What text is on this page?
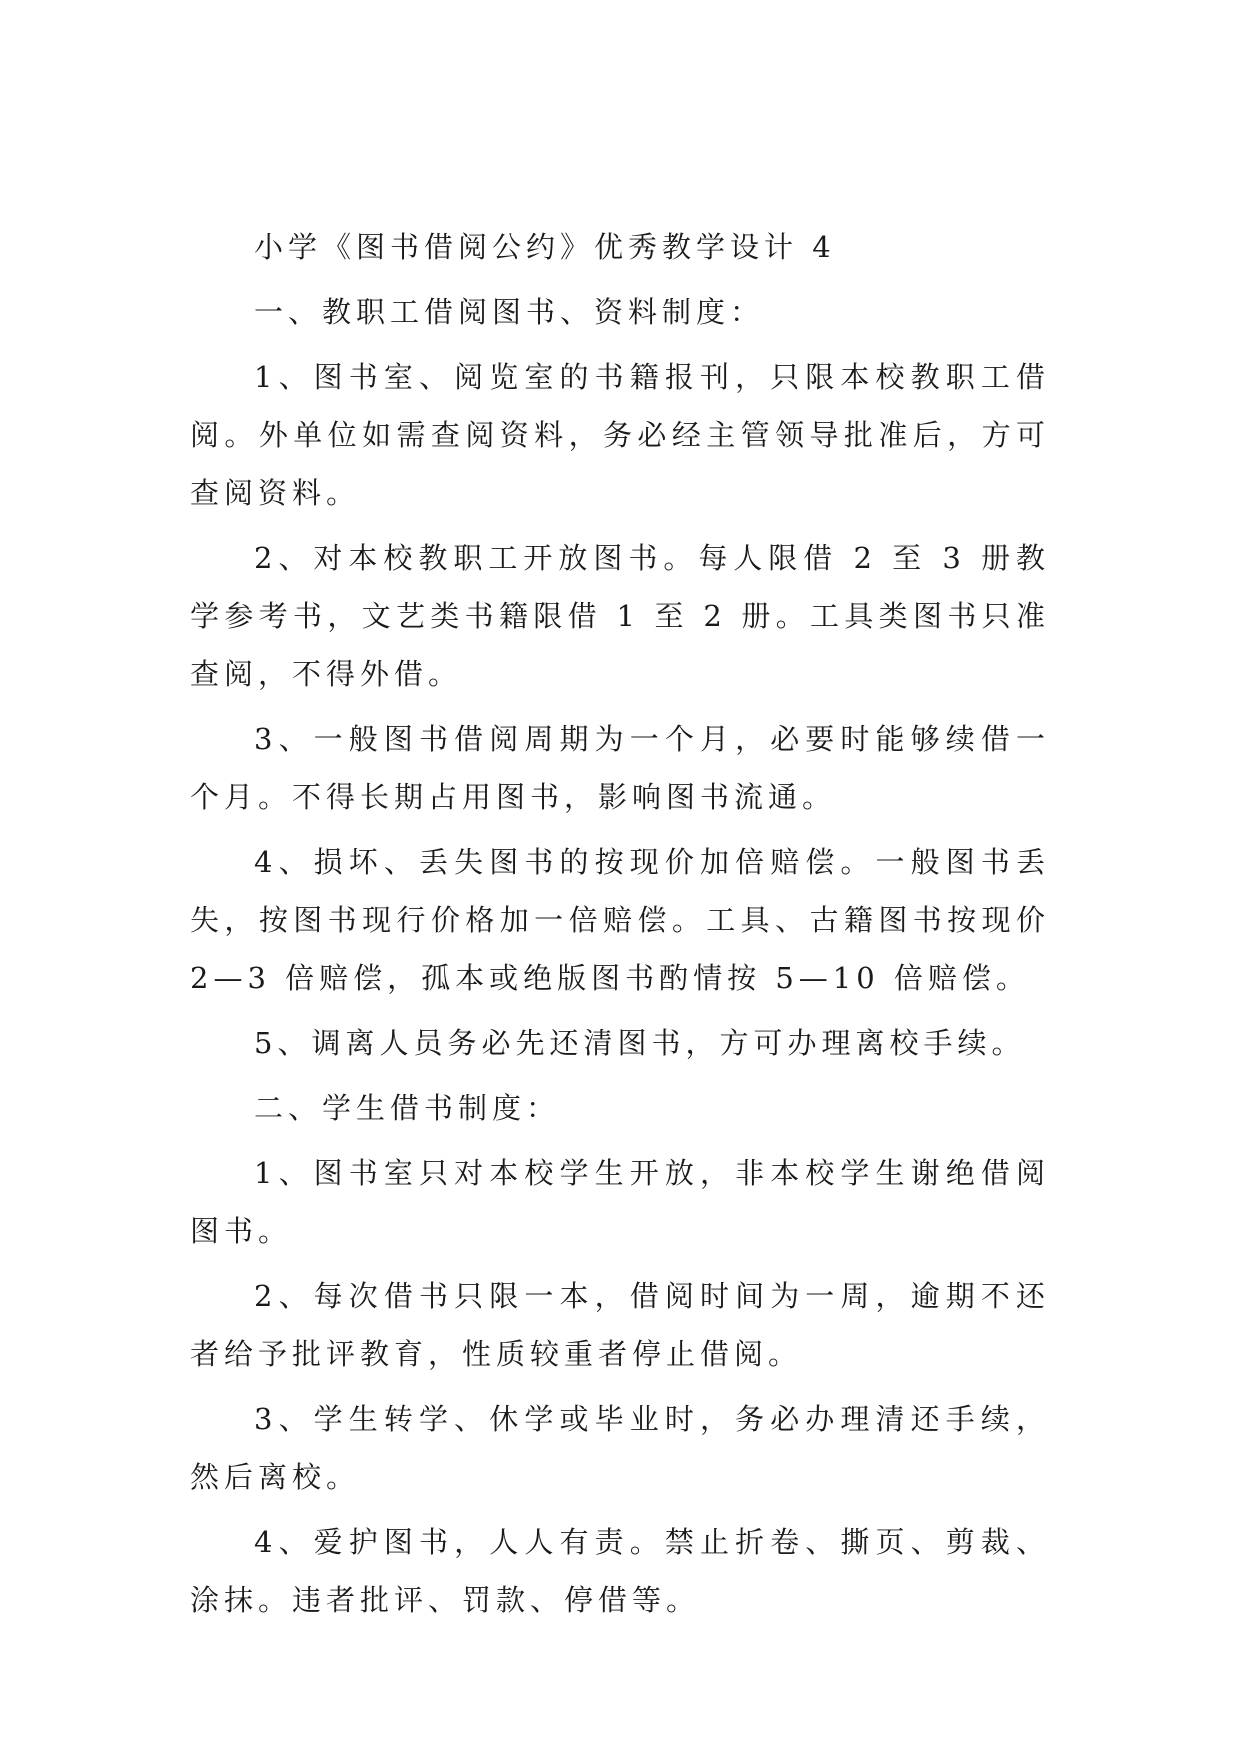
小学《图书借阅公约》优秀教学设计 4

一、教职工借阅图书、资料制度：

1、图书室、阅览室的书籍报刊，只限本校教职工借阅。外单位如需查阅资料，务必经主管领导批准后，方可查阅资料。

2、对本校教职工开放图书。每人限借 2 至 3 册教学参考书，文艺类书籍限借 1 至 2 册。工具类图书只准查阅，不得外借。

3、一般图书借阅周期为一个月，必要时能够续借一个月。不得长期占用图书，影响图书流通。

4、损坏、丢失图书的按现价加倍赔偿。一般图书丢失，按图书现行价格加一倍赔偿。工具、古籍图书按现价 2—3 倍赔偿，孤本或绝版图书酌情按 5—10 倍赔偿。

5、调离人员务必先还清图书，方可办理离校手续。

二、学生借书制度：

1、图书室只对本校学生开放，非本校学生谢绝借阅图书。

2、每次借书只限一本，借阅时间为一周，逾期不还者给予批评教育，性质较重者停止借阅。

3、学生转学、休学或毕业时，务必办理清还手续，然后离校。

4、爱护图书，人人有责。禁止折卷、撕页、剪裁、涂抹。违者批评、罚款、停借等。
